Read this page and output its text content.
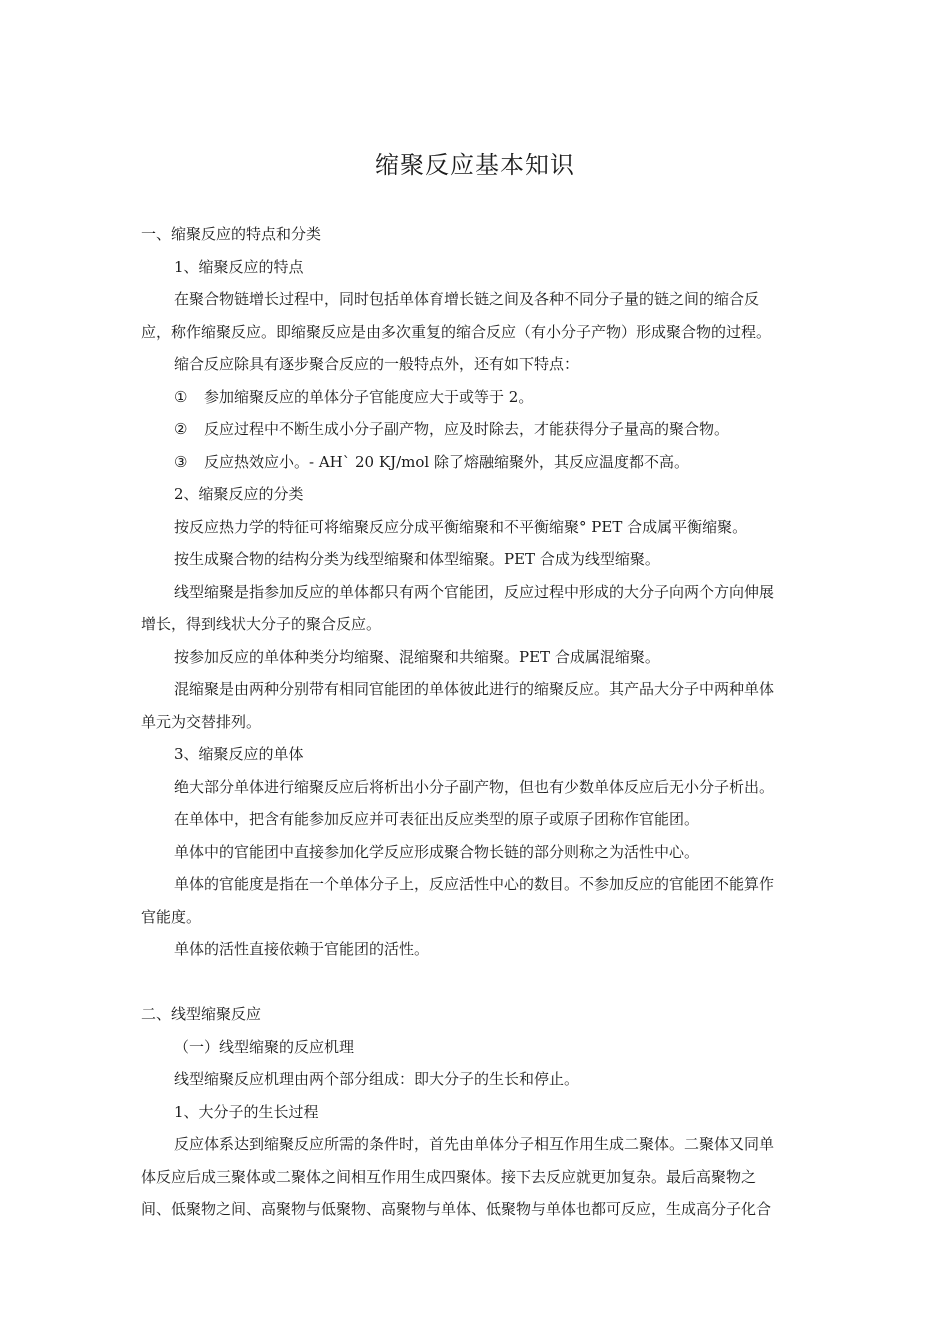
缩聚反应基本知识
一、缩聚反应的特点和分类
1、缩聚反应的特点
在聚合物链增长过程中，同时包括单体育增长链之间及各种不同分子量的链之间的缩合反
应，称作缩聚反应。即缩聚反应是由多次重复的缩合反应（有小分子产物）形成聚合物的过程。
缩合反应除具有逐步聚合反应的一般特点外，还有如下特点：
① 参加缩聚反应的单体分子官能度应大于或等于 2。
② 反应过程中不断生成小分子副产物，应及时除去，才能获得分子量高的聚合物。
③ 反应热效应小。- AH` 20 KJ/mol 除了熔融缩聚外，其反应温度都不高。
2、缩聚反应的分类
按反应热力学的特征可将缩聚反应分成平衡缩聚和不平衡缩聚° PET 合成属平衡缩聚。
按生成聚合物的结构分类为线型缩聚和体型缩聚。PET 合成为线型缩聚。
线型缩聚是指参加反应的单体都只有两个官能团，反应过程中形成的大分子向两个方向伸展
增长，得到线状大分子的聚合反应。
按参加反应的单体种类分均缩聚、混缩聚和共缩聚。PET 合成属混缩聚。
混缩聚是由两种分别带有相同官能团的单体彼此进行的缩聚反应。其产品大分子中两种单体
单元为交替排列。
3、缩聚反应的单体
绝大部分单体进行缩聚反应后将析出小分子副产物，但也有少数单体反应后无小分子析出。
在单体中，把含有能参加反应并可表征出反应类型的原子或原子团称作官能团。
单体中的官能团中直接参加化学反应形成聚合物长链的部分则称之为活性中心。
单体的官能度是指在一个单体分子上，反应活性中心的数目。不参加反应的官能团不能算作
官能度。
单体的活性直接依赖于官能团的活性。
二、线型缩聚反应
（一）线型缩聚的反应机理
线型缩聚反应机理由两个部分组成：即大分子的生长和停止。
1、大分子的生长过程
反应体系达到缩聚反应所需的条件时，首先由单体分子相互作用生成二聚体。二聚体又同单
体反应后成三聚体或二聚体之间相互作用生成四聚体。接下去反应就更加复杂。最后高聚物之
间、低聚物之间、高聚物与低聚物、高聚物与单体、低聚物与单体也都可反应，生成高分子化合
